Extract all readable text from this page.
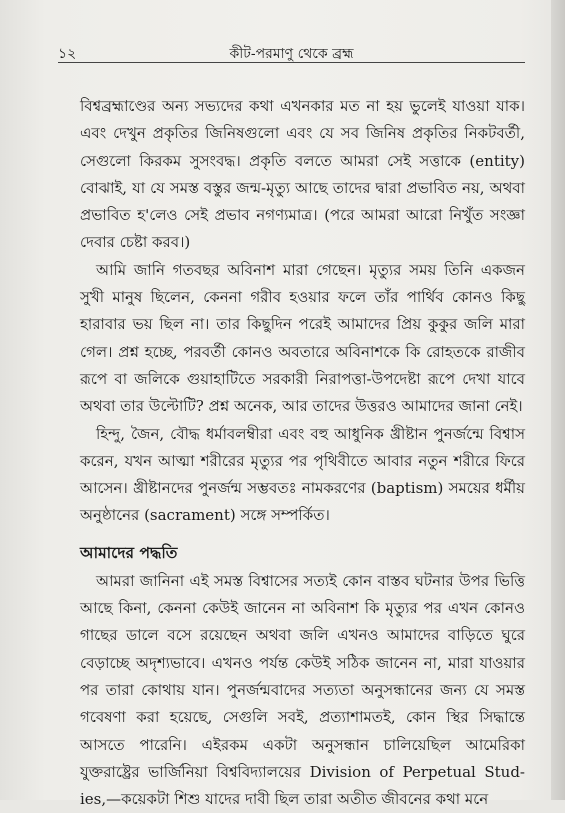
১২	কীট-পরমাণু থেকে ব্রহ্ম

বিশ্বব্রহ্মাণ্ডের অন্য সভ্যদের কথা এখনকার মত না হয় ভুলেই যাওয়া যাক। এবং দেখুন প্রকৃতির জিনিষগুলো এবং যে সব জিনিষ প্রকৃতির নিকটবর্তী, সেগুলো কিরকম সুসংবদ্ধ। প্রকৃতি বলতে আমরা সেই সত্তাকে (entity) বোঝাই, যা যে সমস্ত বস্তুর জন্ম-মৃত্যু আছে তাদের দ্বারা প্রভাবিত নয়, অথবা প্রভাবিত হ'লেও সেই প্রভাব নগণ্যমাত্র। (পরে আমরা আরো নিখুঁত সংজ্ঞা দেবার চেষ্টা করব।)

আমি জানি গতবছর অবিনাশ মারা গেছেন। মৃত্যুর সময় তিনি একজন সুখী মানুষ ছিলেন, কেননা গরীব হওয়ার ফলে তাঁর পার্থিব কোনও কিছু হারাবার ভয় ছিল না। তার কিছুদিন পরেই আমাদের প্রিয় কুকুর জলি মারা গেল। প্রশ্ন হচ্ছে, পরবর্তী কোনও অবতারে অবিনাশকে কি রোহতকে রাজীব রূপে বা জলিকে গুয়াহাটিতে সরকারী নিরাপত্তা-উপদেষ্টা রূপে দেখা যাবে অথবা তার উল্টোটি? প্রশ্ন অনেক, আর তাদের উত্তরও আমাদের জানা নেই।

হিন্দু, জৈন, বৌদ্ধ ধর্মাবলম্বীরা এবং বহু আধুনিক খ্রীষ্টান পুনর্জন্মে বিশ্বাস করেন, যখন আত্মা শরীরের মৃত্যুর পর পৃথিবীতে আবার নতুন শরীরে ফিরে আসেন। খ্রীষ্টানদের পুনর্জন্ম সম্ভবতঃ নামকরণের (baptism) সময়ের ধর্মীয় অনুষ্ঠানের (sacrament) সঙ্গে সম্পর্কিত।

আমাদের পদ্ধতি

আমরা জানিনা এই সমস্ত বিশ্বাসের সত্যই কোন বাস্তব ঘটনার উপর ভিত্তি আছে কিনা, কেননা কেউই জানেন না অবিনাশ কি মৃত্যুর পর এখন কোনও গাছের ডালে বসে রয়েছেন অথবা জলি এখনও আমাদের বাড়িতে ঘুরে বেড়াচ্ছে অদৃশ্যভাবে। এখনও পর্যন্ত কেউই সঠিক জানেন না, মারা যাওয়ার পর তারা কোথায় যান। পুনর্জন্মবাদের সত্যতা অনুসন্ধানের জন্য যে সমস্ত গবেষণা করা হয়েছে, সেগুলি সবই, প্রত্যাশামতই, কোন স্থির সিদ্ধান্তে আসতে পারেনি। এইরকম একটা অনুসন্ধান চালিয়েছিল আমেরিকা যুক্তরাষ্ট্রের ভার্জিনিয়া বিশ্ববিদ্যালয়ের Division of Perpetual Stud-ies,—কয়েকটা শিশু যাদের দাবী ছিল তারা অতীত জীবনের কথা মনে
